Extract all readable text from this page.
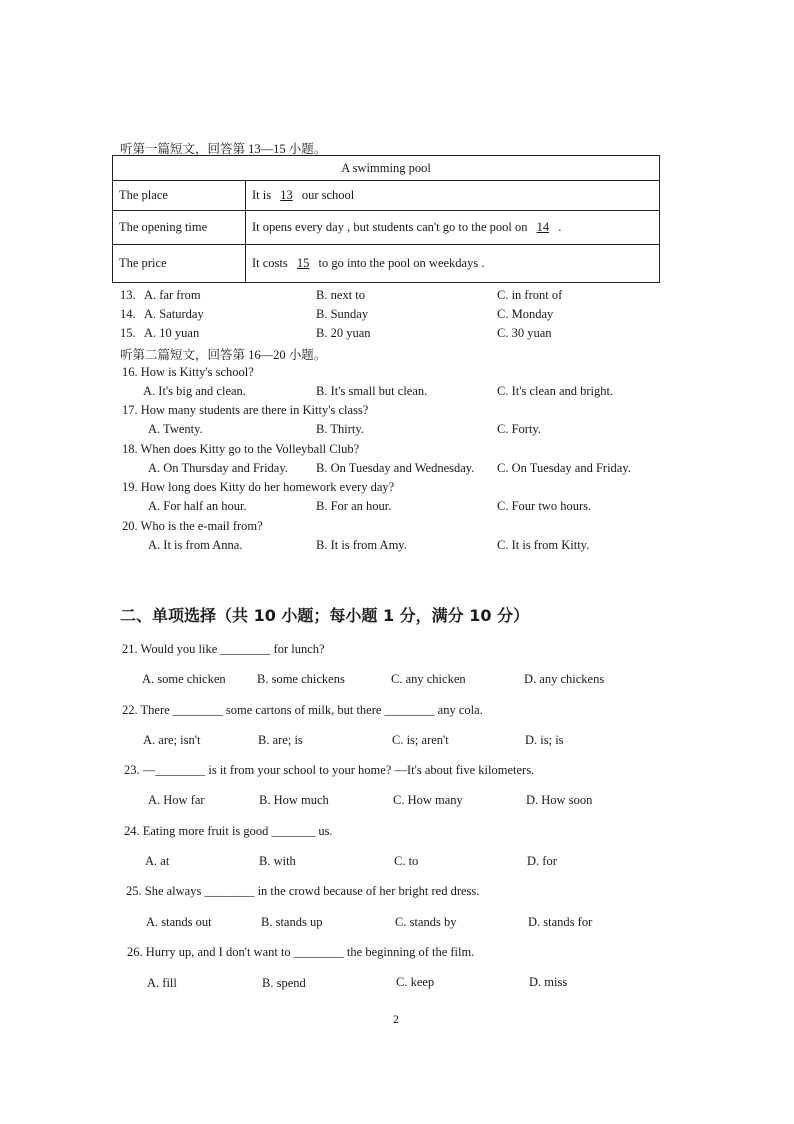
听第一篇短文，回答第 13—15 小题。
A swimming pool	
The place	It is 13 our school
The opening time	It opens every day , but students can't go to the pool on 14 .
The price	It costs 15 to go into the pool on weekdays .
13. A. far from	B. next to	C. in front of
14. A. Saturday	B. Sunday	C. Monday
15. A. 10 yuan	B. 20 yuan	C. 30 yuan
听第二篇短文，回答第 16—20 小题。
16. How is Kitty's school?
A. It's big and clean.	B. It's small but clean.	C. It's clean and bright.
17. How many students are there in Kitty's class?
A. Twenty.	B. Thirty.	C. Forty.
18. When does Kitty go to the Volleyball Club?
A. On Thursday and Friday. B. On Tuesday and Wednesday. C. On Tuesday and Friday.
19. How long does Kitty do her homework every day?
A. For half an hour.	B. For an hour.	C. Four two hours.
20. Who is the e-mail from?
A. It is from Anna.	B. It is from Amy.	C. It is from Kitty.
二、单项选择（共 10 小题；每小题 1 分，满分 10 分）
21. Would you like ________ for lunch?
A. some chicken	B. some chickens	C. any chicken	D. any chickens
22. There ________ some cartons of milk, but there ________ any cola.
A. are; isn't	B. are; is	C. is; aren't	D. is; is
23. —________ is it from your school to your home? —It's about five kilometers.
A. How far	B. How much	C. How many	D. How soon
24. Eating more fruit is good _______ us.
A. at	B. with	C. to	D. for
25. She always ________ in the crowd because of her bright red dress.
A. stands out	B. stands up	C. stands by	D. stands for
26. Hurry up, and I don't want to ________ the beginning of the film.
A. fill	B. spend	C. keep	D. miss
2
